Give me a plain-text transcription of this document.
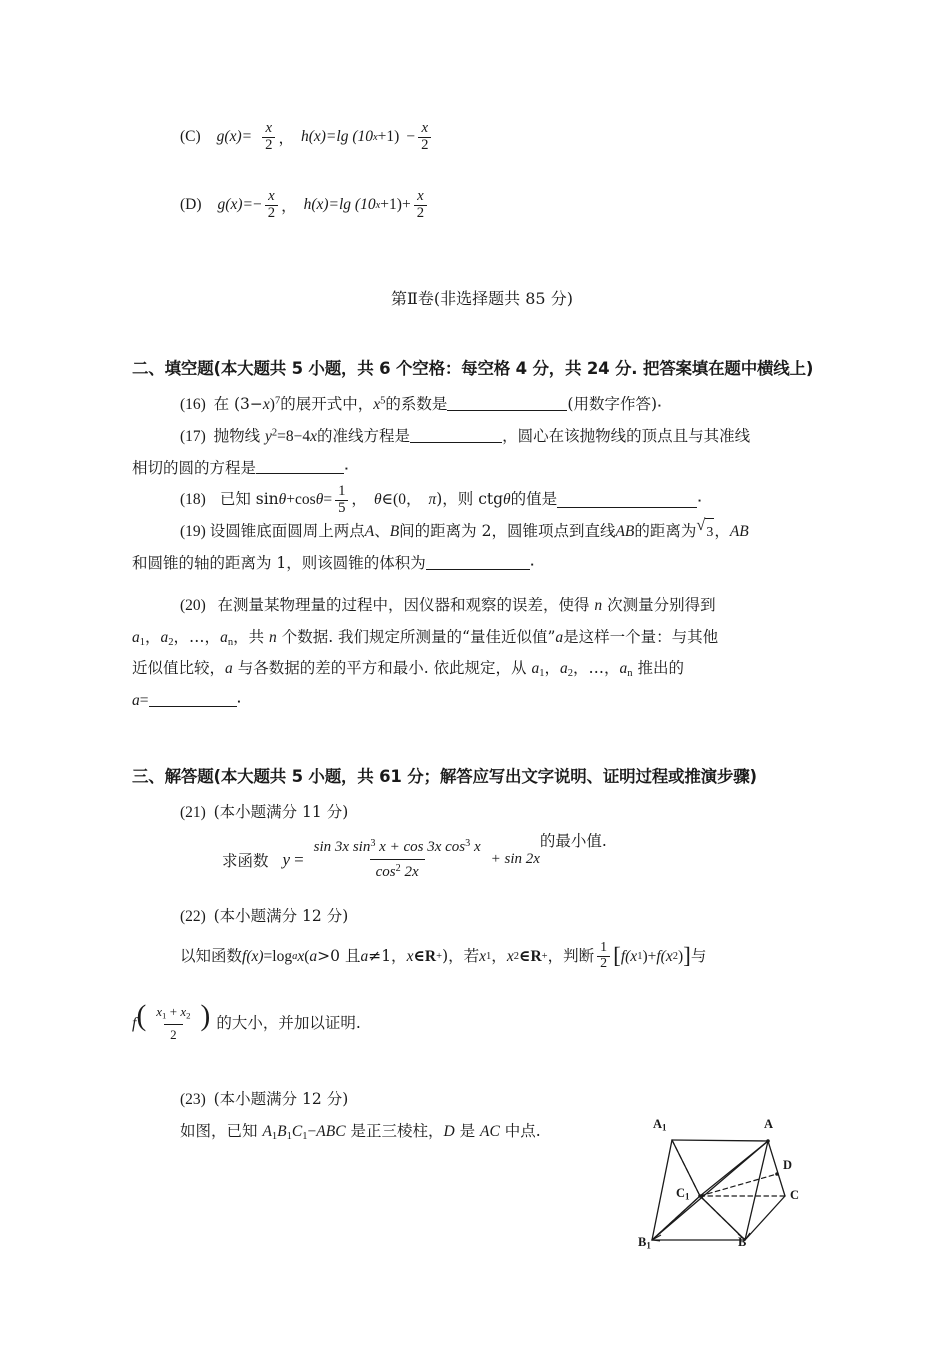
(C) $g(x)= \frac{x}{2}$ ， h(x)=lg (10 $x +1) - \frac{x}{2}$
(D) $g(x)= - \frac{x}{2}$ ， h(x)=lg (10 $x +1) + \frac{x}{2}$
第Ⅱ卷(非选择题共 85 分)
二、填空题(本大题共 5 小题，共 6 个空格：每空格 4 分，共 24 分. 把答案填在题中横线上)
(16) 在 $(3-x)^7$的展开式中，$x^5$的系数是	(用数字作答) ▪
(17) 抛物线 $y^2=8-4x$的准线方程是	，圆心在该抛物线的顶点且与其准线
相切的圆的方程是 ▪
(18) 已知 sin θ +cos $\theta = \frac{1}{5}$ ， θ ∈(0， π )，则 ctg θ 的值是
▪
(19)
设圆锥底面圆周上两点 A 、 B 间的距离为 2，圆锥项点到直线 AB 的距离为 √ 3 ， AB
和圆锥的轴的距离为 1，则该圆锥的体积为 ▪
(20) 在测量某物理量的过程中，因仪器和观察的误差，使得 n 次测量分别得到
$a_1$，$a_2$，…，$a_n$，共 n 个数据. 我们规定所测量的“量佳近似值”a是这样一个量：与其他
近似值比较，a 与各数据的差的平方和最小. 依此规定，从 $a_1$，$a_2$，…，$a_n$ 推出的
a= ▪
三、解答题(本大题共 5 小题，共 61 分；解答应写出文字说明、证明过程或推演步骤)
(21) (本小题满分 11 分)
求函数 $y = \frac{\sin 3x \sin^3 x + \cos 3x \cos^3 x}{\cos^2 2x} + \sin 2x$
的最小值.
(22) (本小题满分 12 分)
以知函数 f(x) =log a x ( a >0 且 a ≠1， x ∈R + )，若 x 1 ， x 2 ∈R + ，判断 $\frac{1}{2}$ [ f(x 1 ) + f(x 2 ) ] 与
f ( $\frac{x_1 + x_2}{2}$ ) 的大小，并加以证明.
(23) (本小题满分 12 分)
如图，已知 $A_1B_1C_1-ABC$ 是正三棱柱，D 是 AC 中点.	$A_1$	A
D
C
$C_1$
$B_1$	B
